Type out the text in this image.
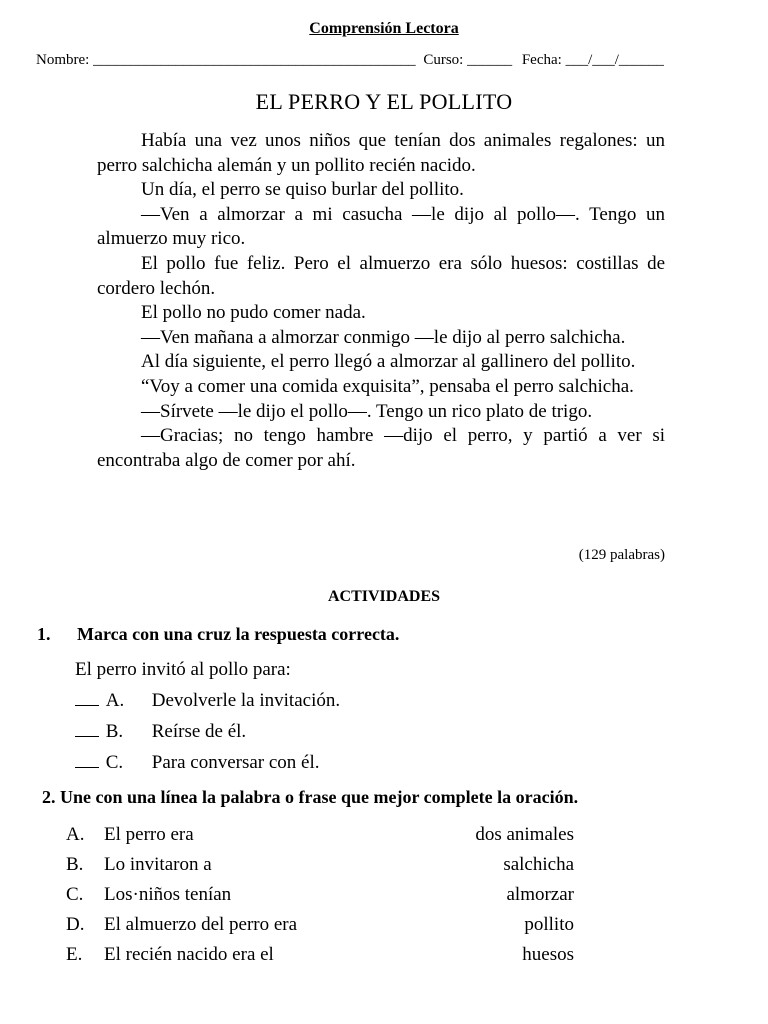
Comprensión Lectora
Nombre: ___________________________________________ Curso: ______ Fecha: ___/___/______
EL PERRO Y EL POLLITO

Había una vez unos niños que tenían dos animales regalones: un perro salchicha alemán y un pollito recién nacido.

Un día, el perro se quiso burlar del pollito.

—Ven a almorzar a mi casucha —le dijo al pollo—. Tengo un almuerzo muy rico.

El pollo fue feliz. Pero el almuerzo era sólo huesos: costillas de cordero lechón.

El pollo no pudo comer nada.

—Ven mañana a almorzar conmigo —le dijo al perro salchicha.

Al día siguiente, el perro llegó a almorzar al gallinero del pollito.

“Voy a comer una comida exquisita”, pensaba el perro salchicha.

—Sírvete —le dijo el pollo—. Tengo un rico plato de trigo.

—Gracias; no tengo hambre —dijo el perro, y partió a ver si encontraba algo de comer por ahí.

(129 palabras)
ACTIVIDADES
1. Marca con una cruz la respuesta correcta.
El perro invitó al pollo para:
A. Devolverle la invitación.
B. Reírse de él.
C. Para conversar con él.
2. Une con una línea la palabra o frase que mejor complete la oración.
A. El perro era	dos animales
B. Lo invitaron a	salchicha
C. Los·niños tenían	almorzar
D. El almuerzo del perro era	pollito
E. El recién nacido era el	huesos
